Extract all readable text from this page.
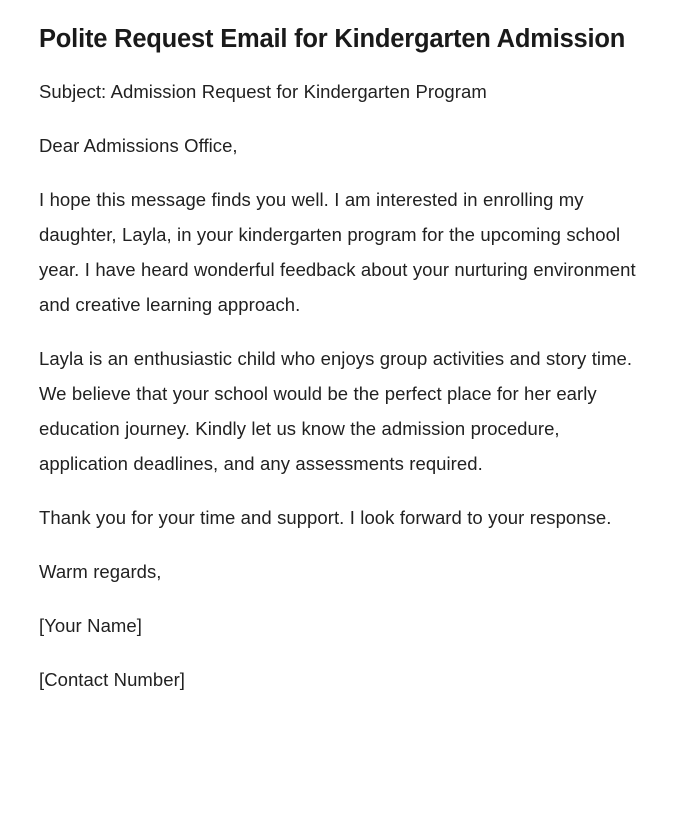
Polite Request Email for Kindergarten Admission

Subject: Admission Request for Kindergarten Program

Dear Admissions Office,

I hope this message finds you well. I am interested in enrolling my daughter, Layla, in your kindergarten program for the upcoming school year. I have heard wonderful feedback about your nurturing environment and creative learning approach.

Layla is an enthusiastic child who enjoys group activities and story time. We believe that your school would be the perfect place for her early education journey. Kindly let us know the admission procedure, application deadlines, and any assessments required.

Thank you for your time and support. I look forward to your response.

Warm regards,

[Your Name]

[Contact Number]
